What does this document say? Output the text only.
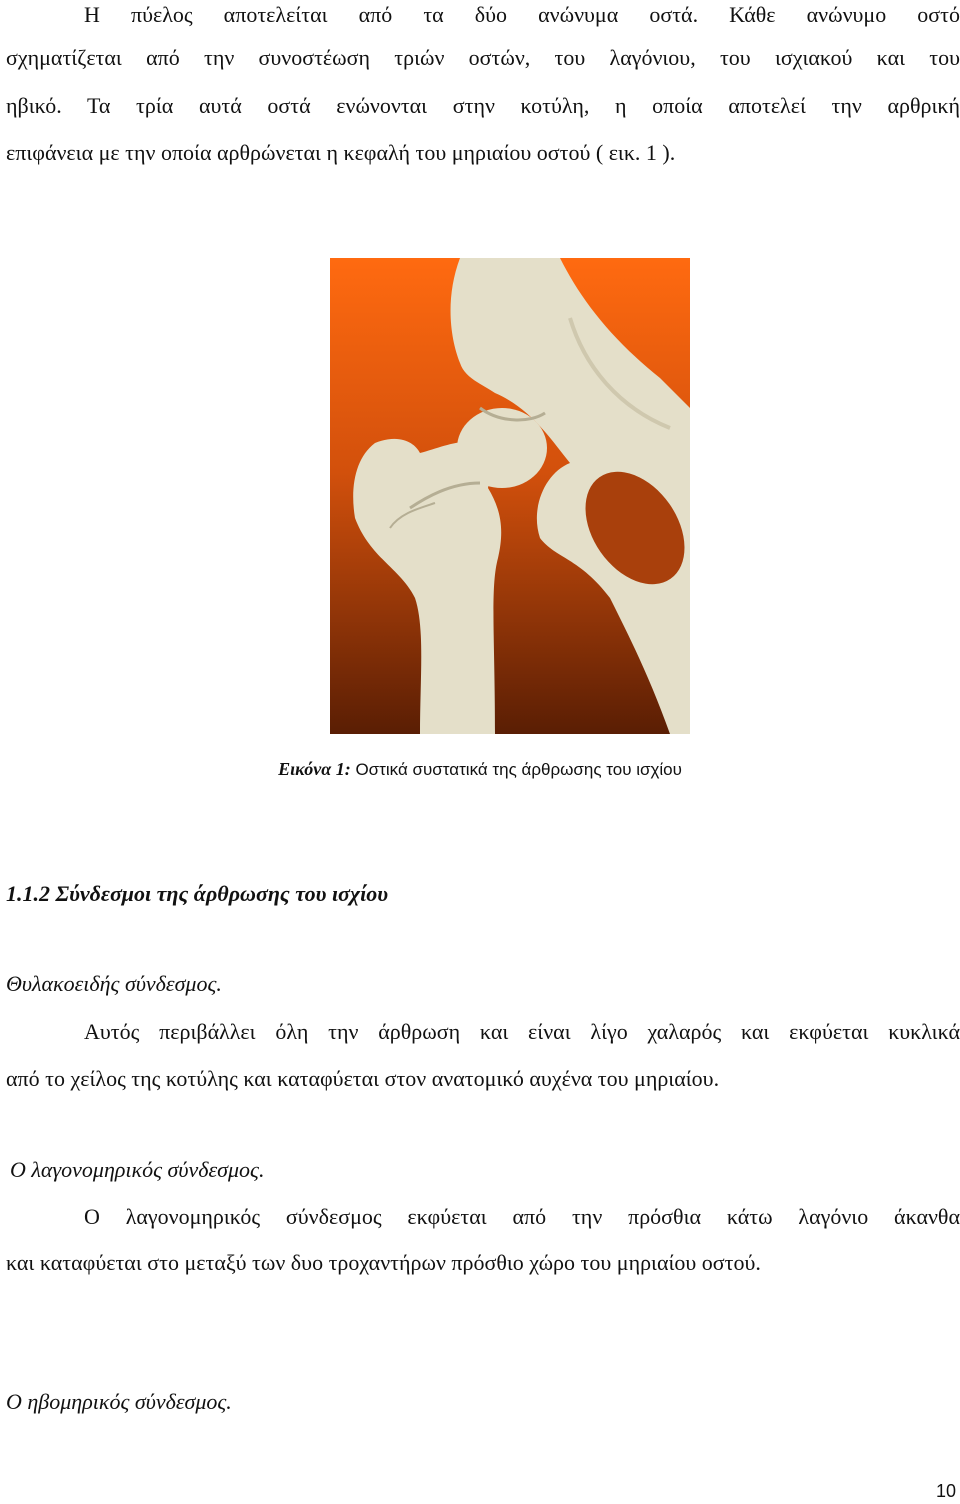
Η πύελος αποτελείται από τα δύο ανώνυμα οστά. Κάθε ανώνυμο οστό
σχηματίζεται από την συνοστέωση τριών οστών, του λαγόνιου, του ισχιακού και του
ηβικό. Τα τρία αυτά οστά ενώνονται στην κοτύλη, η οποία αποτελεί την αρθρική
επιφάνεια με την οποία αρθρώνεται η κεφαλή του μηριαίου οστού ( εικ. 1 ).
Εικόνα 1: Οστικά συστατικά της άρθρωσης του ισχίου
1.1.2 Σύνδεσμοι της άρθρωσης του ισχίου
Θυλακοειδής σύνδεσμος.
Αυτός περιβάλλει όλη την άρθρωση και είναι λίγο χαλαρός και εκφύεται κυκλικά
από το χείλος της κοτύλης και καταφύεται στον ανατομικό αυχένα του μηριαίου.
Ο λαγονομηρικός σύνδεσμος.
Ο λαγονομηρικός σύνδεσμος εκφύεται από την πρόσθια κάτω λαγόνιο άκανθα
και καταφύεται στο μεταξύ των δυο τροχαντήρων πρόσθιο χώρο του μηριαίου οστού.
Ο ηβομηρικός σύνδεσμος.
10
